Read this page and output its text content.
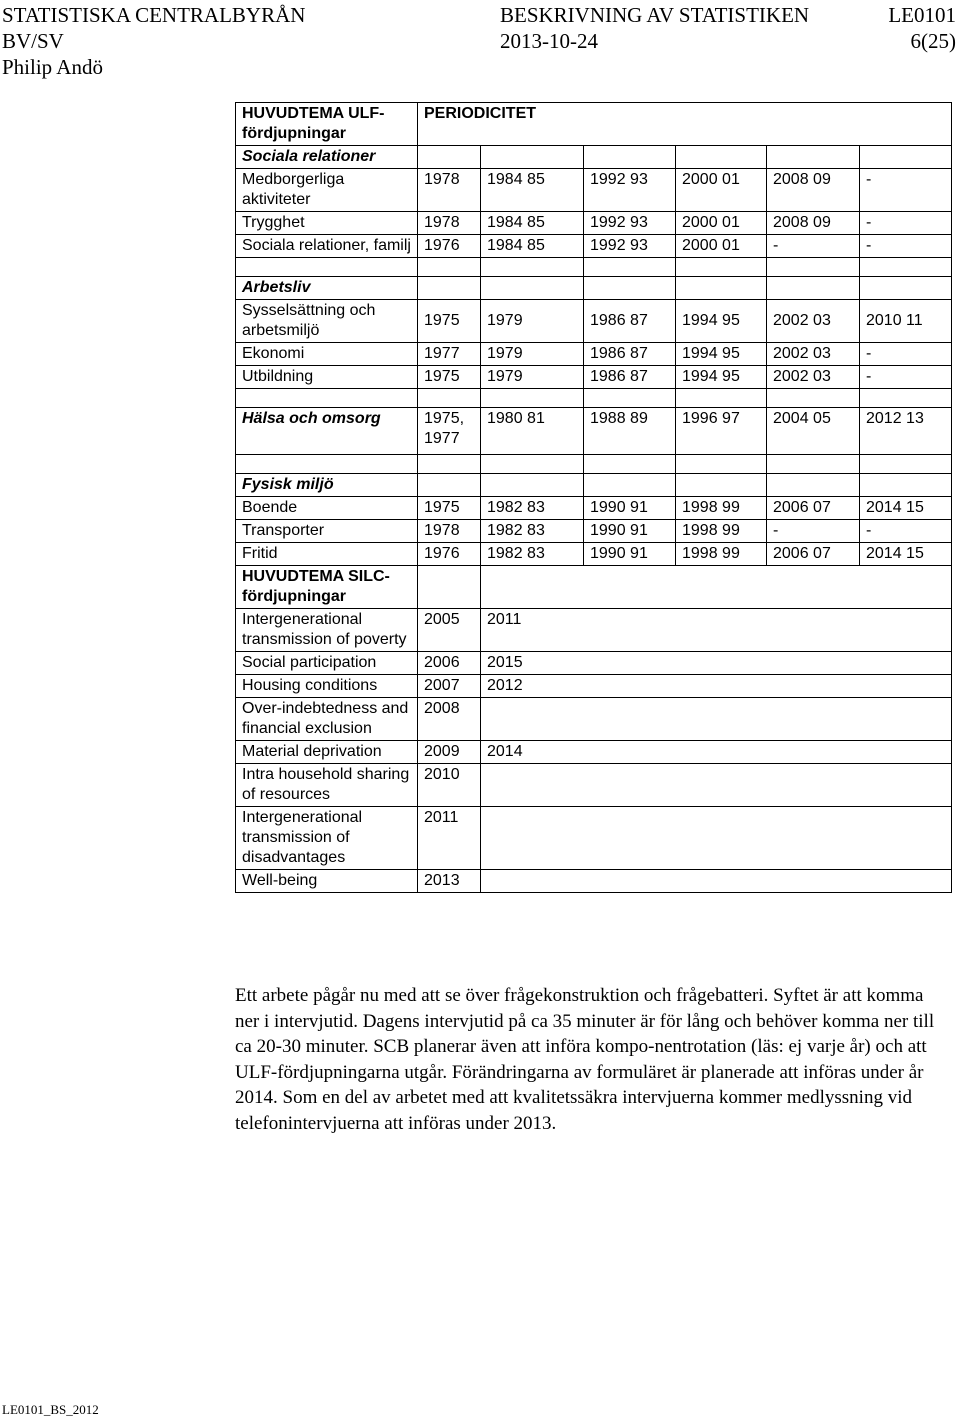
STATISTISKA CENTRALBYRÅN	BESKRIVNING AV STATISTIKEN	LE0101
BV/SV	2013-10-24	6(25)
Philip Andö
HUVUDTEMA ULF-fördjupningar	PERIODICITET					
Sociala relationer						
Medborgerliga aktiviteter	1978	1984 85	1992 93	2000 01	2008 09	-
Trygghet	1978	1984 85	1992 93	2000 01	2008 09	-
Sociala relationer, familj	1976	1984 85	1992 93	2000 01	-	-

Arbetsliv						
Sysselsättning och arbetsmiljö	1975	1979	1986 87	1994 95	2002 03	2010 11
Ekonomi	1977	1979	1986 87	1994 95	2002 03	-
Utbildning	1975	1979	1986 87	1994 95	2002 03	-

Hälsa och omsorg	1975, 1977	1980 81	1988 89	1996 97	2004 05	2012 13

Fysisk miljö						
Boende	1975	1982 83	1990 91	1998 99	2006 07	2014 15
Transporter	1978	1982 83	1990 91	1998 99	-	-
Fritid	1976	1982 83	1990 91	1998 99	2006 07	2014 15
HUVUDTEMA SILC-fördjupningar						
Intergenerational transmission of poverty	2005	2011				
Social participation	2006	2015				
Housing conditions	2007	2012				
Over-indebtedness and financial exclusion	2008					
Material deprivation	2009	2014				
Intra household sharing of resources	2010					
Intergenerational transmission of disadvantages	2011					
Well-being	2013					

Ett arbete pågår nu med att se över frågekonstruktion och frågebatteri. Syftet är att komma ner i intervjutid. Dagens intervjutid på ca 35 minuter är för lång och behöver komma ner till ca 20-30 minuter. SCB planerar även att införa kompo-nentrotation (läs: ej varje år) och att ULF-fördjupningarna utgår. Förändringarna av formuläret är planerade att införas under år 2014. Som en del av arbetet med att kvalitetssäkra intervjuerna kommer medlyssning vid telefonintervjuerna att införas under 2013.

LE0101_BS_2012
